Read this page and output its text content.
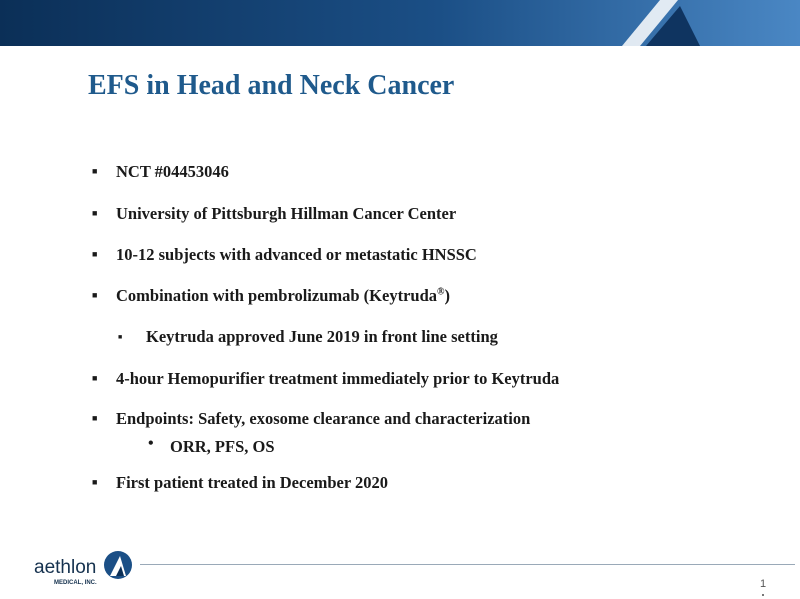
EFS in Head and Neck Cancer
■ NCT #04453046
■ University of Pittsburgh Hillman Cancer Center
■ 10-12 subjects with advanced or metastatic HNSSC
■ Combination with pembrolizumab (Keytruda®)
■ Keytruda approved June 2019 in front line setting
■ 4-hour Hemopurifier treatment immediately prior to Keytruda
■ Endpoints: Safety, exosome clearance and characterization
• ORR, PFS, OS
■ First patient treated in December 2020
aethlon
MEDICAL, INC.	1
